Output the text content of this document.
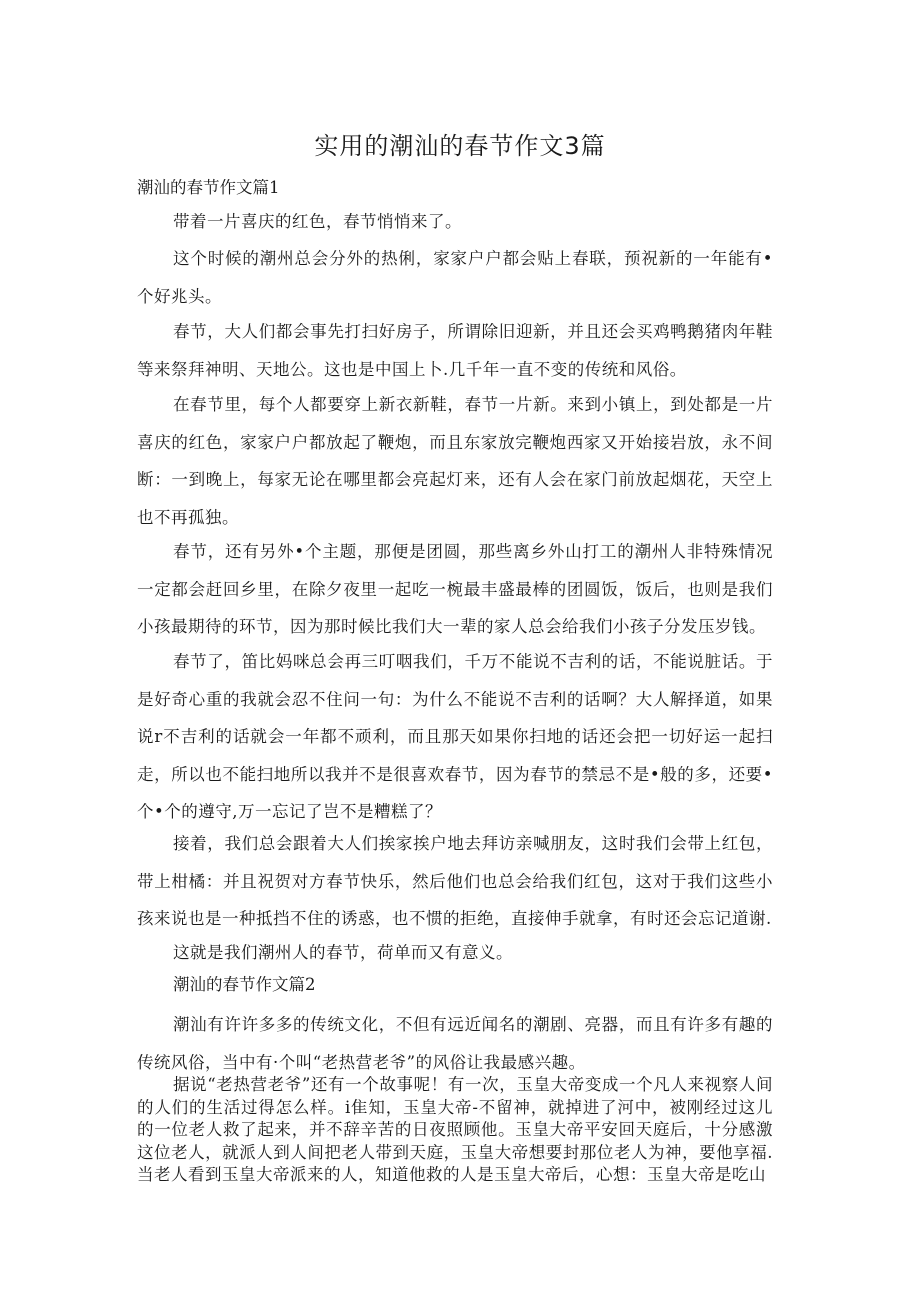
实用的潮汕的春节作文3篇

潮汕的春节作文篇1

带着一片喜庆的红色，春节悄悄来了。

这个时候的潮州总会分外的热俐，家家户户都会贴上春联，预祝新的一年能有•个好兆头。

春节，大人们都会事先打扫好房子，所谓除旧迎新，并且还会买鸡鸭鹅猪肉年鞋等来祭拜神明、天地公。这也是中国上卜.几千年一直不变的传统和风俗。

在春节里，每个人都要穿上新衣新鞋，春节一片新。来到小镇上，到处都是一片喜庆的红色，家家户户都放起了鞭炮，而且东家放完鞭炮西家又开始接岩放，永不间断：一到晚上，每家无论在哪里都会亮起灯来，还有人会在家门前放起烟花，天空上也不再孤独。

春节，还有另外•个主题，那便是团圆，那些离乡外山打工的潮州人非特殊情况一定都会赶回乡里，在除夕夜里一起吃一椀最丰盛最棒的团圆饭，饭后，也则是我们小孩最期待的环节，因为那时候比我们大一辈的家人总会给我们小孩子分发压岁钱。

春节了，笛比妈咪总会再三叮咽我们，千万不能说不吉利的话，不能说脏话。于是好奇心重的我就会忍不住问一句：为什么不能说不吉利的话啊？大人解择道，如果说r不吉利的话就会一年都不顽利，而且那天如果你扫地的话还会把一切好运一起扫走，所以也不能扫地所以我并不是很喜欢春节，因为春节的禁忌不是•般的多，还要•个•个的遵守,万一忘记了岂不是糟糕了？

接着，我们总会跟着大人们挨家挨户地去拜访亲喊朋友，这时我们会带上红包，带上柑橘：并且祝贺对方春节快乐，然后他们也总会给我们红包，这对于我们这些小孩来说也是一种抵挡不住的诱惑，也不惯的拒绝，直接伸手就拿，有时还会忘记道谢.

这就是我们潮州人的春节，荷单而又有意义。

潮汕的春节作文篇2

潮汕有许许多多的传统文化，不但有远近闻名的潮剧、亮器，而且有许多有趣的传统风俗，当中有·个叫“老热营老爷”的风俗让我最感兴趣。

据说“老热营老爷”还有一个故事呢！有一次，玉皇大帝变成一个凡人来视察人间的人们的生活过得怎么样。i隹知，玉皇大帝-不留神，就掉进了河中，被刚经过这儿的一位老人救了起来，并不辞辛苦的日夜照顾他。玉皇大帝平安回天庭后，十分感激这位老人，就派人到人间把老人带到天庭，玉皇大帝想要封那位老人为神，要他享福.当老人看到玉皇大帝派来的人，知道他救的人是玉皇大帝后，心想：玉皇大帝是吃山
